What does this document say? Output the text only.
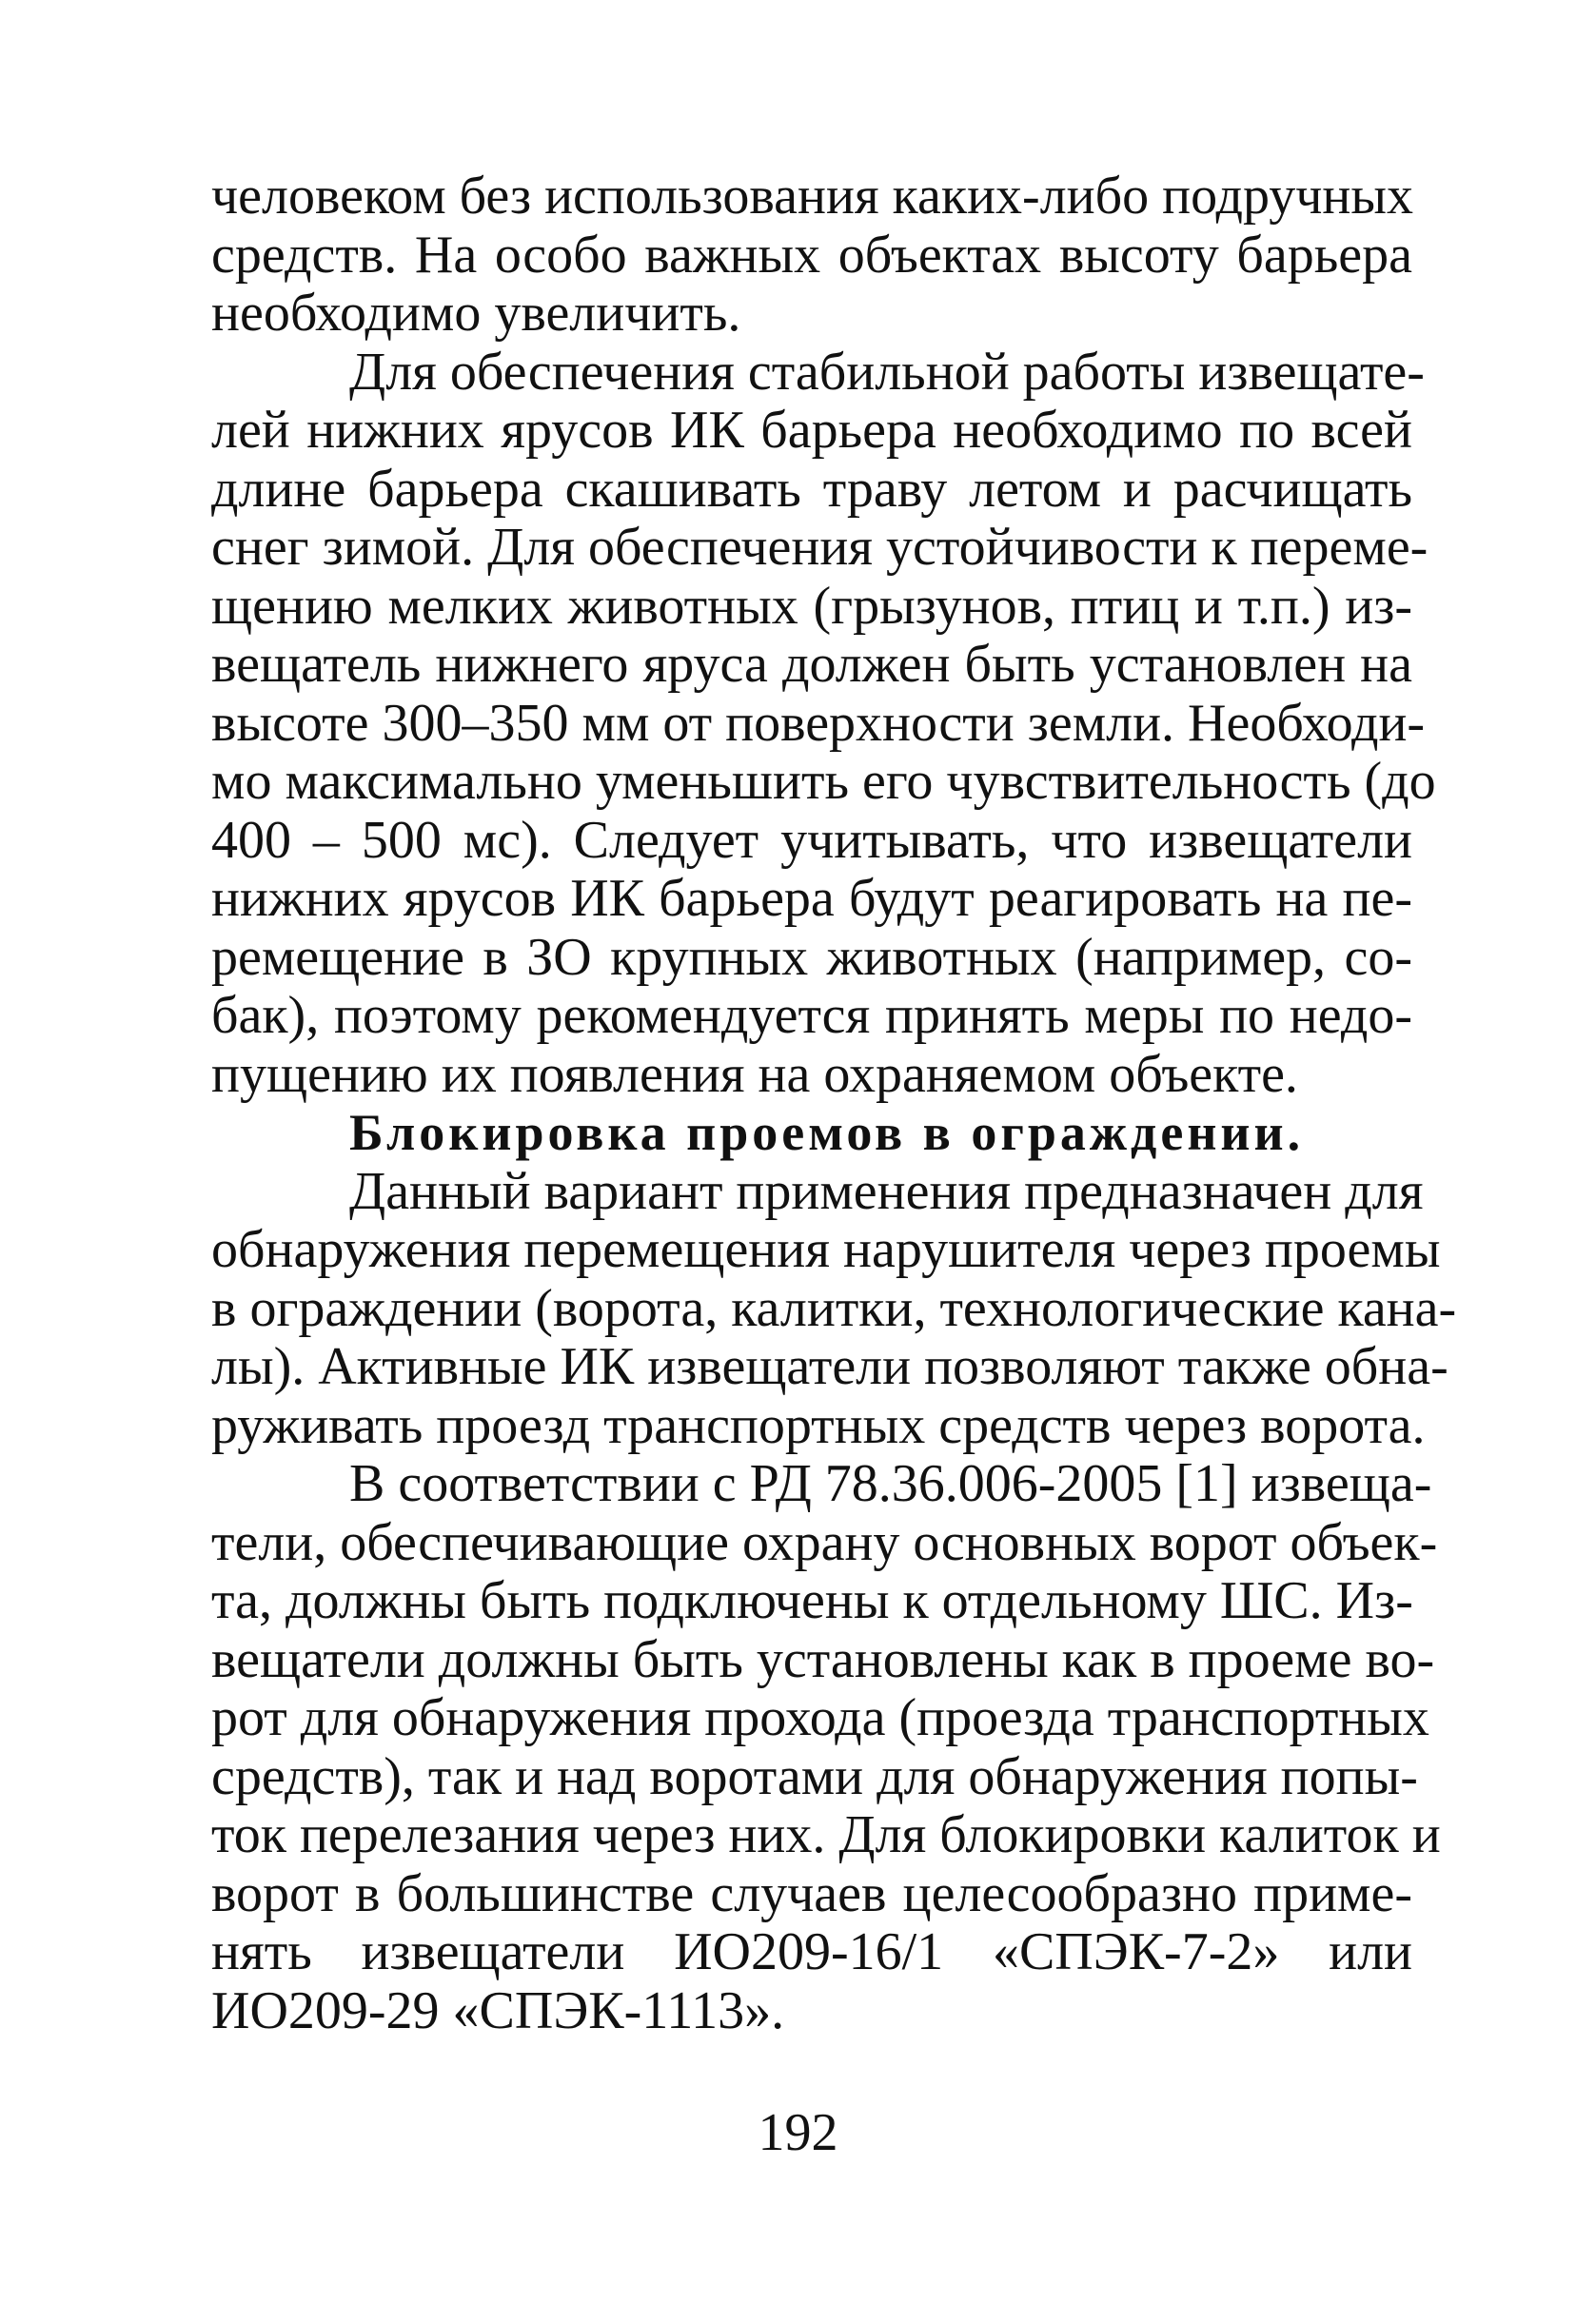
человеком без использования каких-либо подручных
средств. На особо важных объектах высоту барьера
необходимо увеличить.
Для обеспечения стабильной работы извещате-
лей нижних ярусов ИК барьера необходимо по всей
длине барьера скашивать траву летом и расчищать
снег зимой. Для обеспечения устойчивости к переме-
щению мелких животных (грызунов, птиц и т.п.) из-
вещатель нижнего яруса должен быть установлен на
высоте 300–350 мм от поверхности земли. Необходи-
мо максимально уменьшить его чувствительность (до
400 – 500 мс). Следует учитывать, что извещатели
нижних ярусов ИК барьера будут реагировать на пе-
ремещение в ЗО крупных животных (например, со-
бак), поэтому рекомендуется принять меры по недо-
пущению их появления на охраняемом объекте.
Блокировка проемов в ограждении.
Данный вариант применения предназначен для
обнаружения перемещения нарушителя через проемы
в ограждении (ворота, калитки, технологические кана-
лы). Активные ИК извещатели позволяют также обна-
руживать проезд транспортных средств через ворота.
В соответствии с РД 78.36.006-2005 [1] извеща-
тели, обеспечивающие охрану основных ворот объек-
та, должны быть подключены к отдельному ШС. Из-
вещатели должны быть установлены как в проеме во-
рот для обнаружения прохода (проезда транспортных
средств), так и над воротами для обнаружения попы-
ток перелезания через них. Для блокировки калиток и
ворот в большинстве случаев целесообразно приме-
нять извещатели ИО209-16/1 «СПЭК-7-2» или
ИО209-29 «СПЭК-1113».
192
